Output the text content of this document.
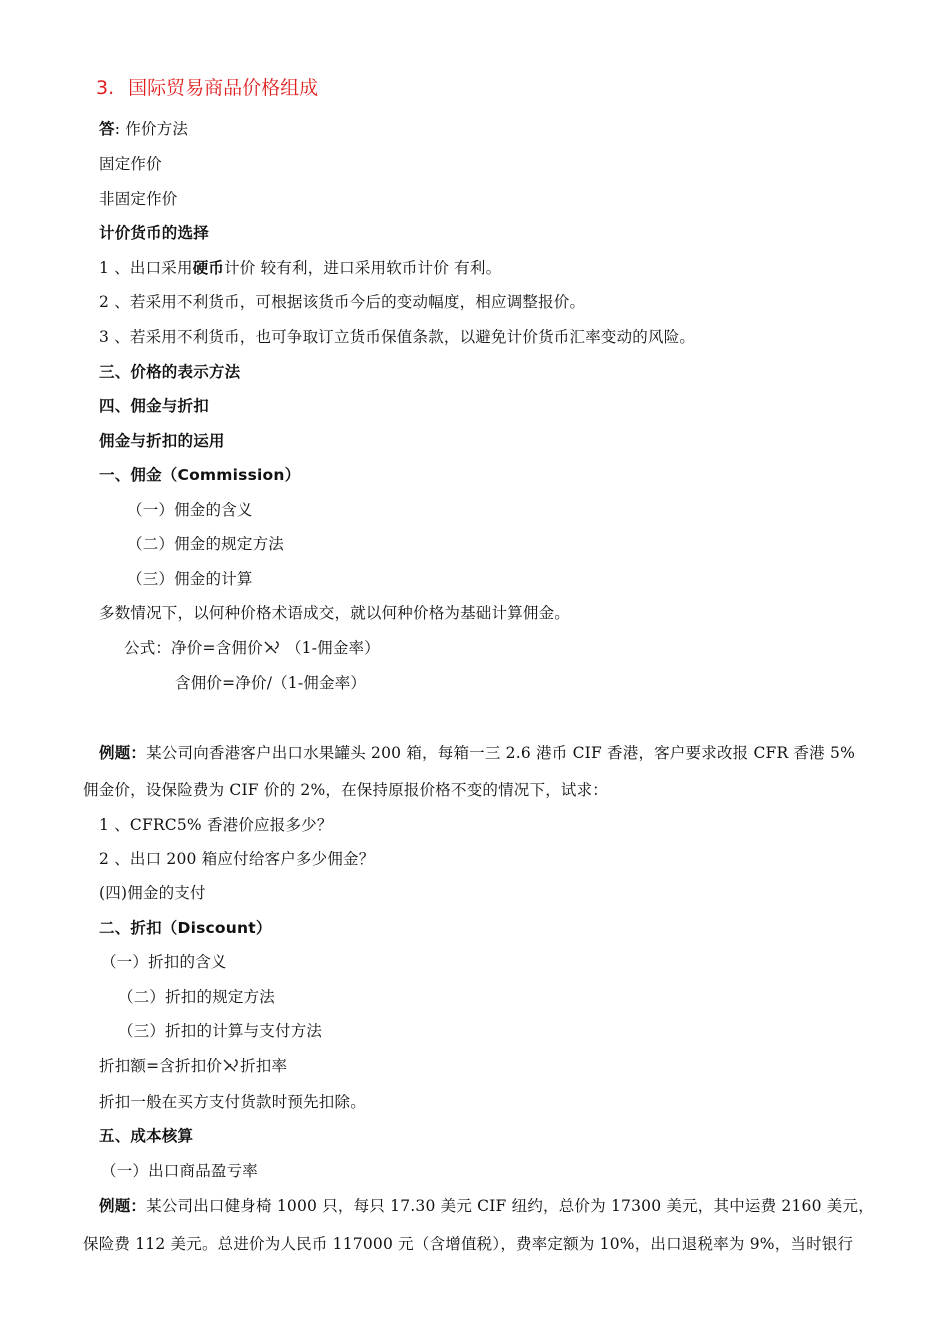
3. 国际贸易商品价格组成
答: 作价方法
固定作价
非固定作价
计价货币的选择
1 、出口采用硬币计价 较有利，进口采用软币计价 有利。
2 、若采用不利货币，可根据该货币今后的变动幅度，相应调整报价。
3 、若采用不利货币，也可争取订立货币保值条款，以避免计价货币汇率变动的风险。
三、价格的表示方法
四、佣金与折扣
佣金与折扣的运用
一、佣金（Commission）
（一）佣金的含义
（二）佣金的规定方法
（三）佣金的计算
多数情况下，以何种价格术语成交，就以何种价格为基础计算佣金。
公式：净价=含佣价 （1-佣金率）
含佣价=净价/（1-佣金率）
例题：某公司向香港客户出口水果罐头 200 箱，每箱一三 2.6 港币 CIF 香港，客户要求改报 CFR 香港 5%
佣金价，设保险费为 CIF 价的 2%，在保持原报价格不变的情况下，试求：
1 、CFRC5% 香港价应报多少？
2 、出口 200 箱应付给客户多少佣金？
(四)佣金的支付
二、折扣（Discount）
（一）折扣的含义
（二）折扣的规定方法
（三）折扣的计算与支付方法
折扣额=含折扣价 折扣率
折扣一般在买方支付货款时预先扣除。
五、成本核算
（一）出口商品盈亏率
例题：某公司出口健身椅 1000 只，每只 17.30 美元 CIF 纽约，总价为 17300 美元，其中运费 2160 美元，
保险费 112 美元。总进价为人民币 117000 元（含增值税），费率定额为 10%，出口退税率为 9%，当时银行
